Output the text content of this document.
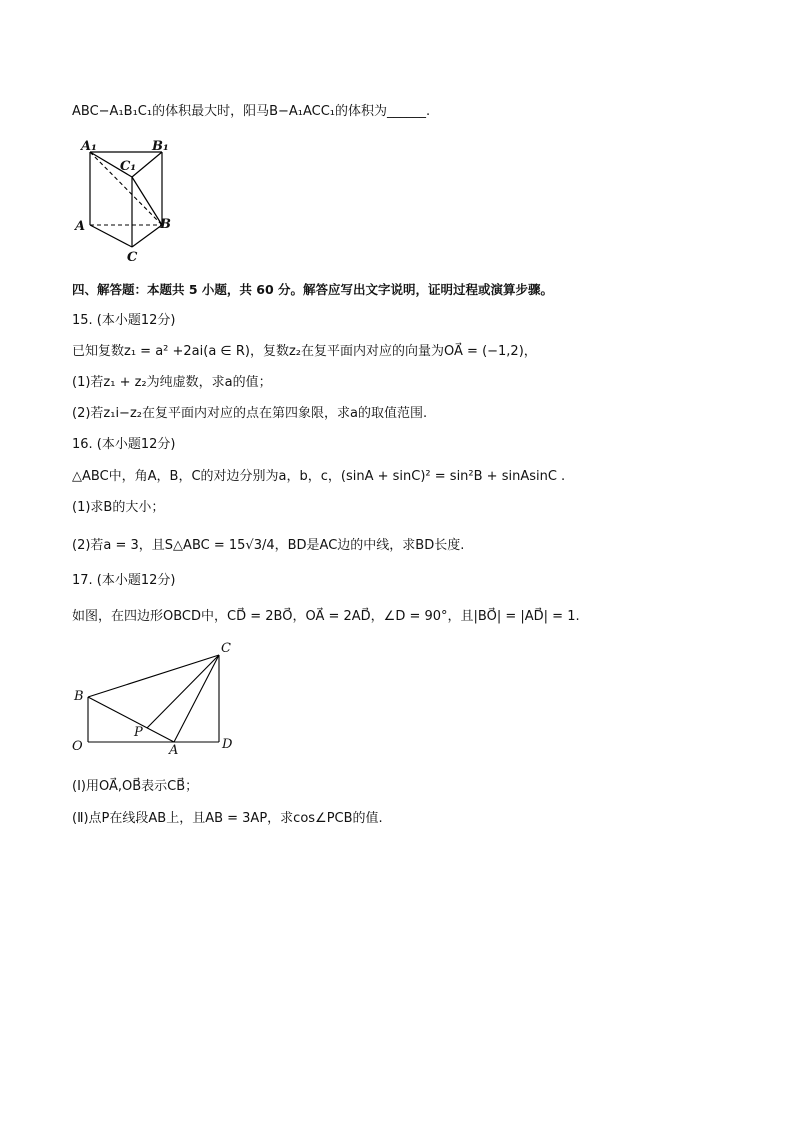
ABC−A₁B₁C₁的体积最大时，阳马B−A₁ACC₁的体积为______.
A₁	B₁
C₁
A	B
C
四、解答题：本题共 5 小题，共 60 分。解答应写出文字说明，证明过程或演算步骤。
15. (本小题12分)
已知复数z₁ = a² +2ai(a ∈ R)，复数z₂在复平面内对应的向量为OA⃗ = (−1,2)，
(1)若z₁ + z₂为纯虚数，求a的值；
(2)若z₁i−z₂在复平面内对应的点在第四象限，求a的取值范围.
16. (本小题12分)
△ABC中，角A，B，C的对边分别为a，b，c，(sinA + sinC)² = sin²B + sinAsinC .
(1)求B的大小；
(2)若a = 3，且S△ABC = 15√3/4，BD是AC边的中线，求BD长度.
17. (本小题12分)
如图，在四边形OBCD中，CD⃗ = 2BO⃗，OA⃗ = 2AD⃗，∠D = 90°，且|BO⃗| = |AD⃗| = 1.
C
B
O
P
A	D
(Ⅰ)用OA⃗,OB⃗表示CB⃗；
(Ⅱ)点P在线段AB上，且AB = 3AP，求cos∠PCB的值.
